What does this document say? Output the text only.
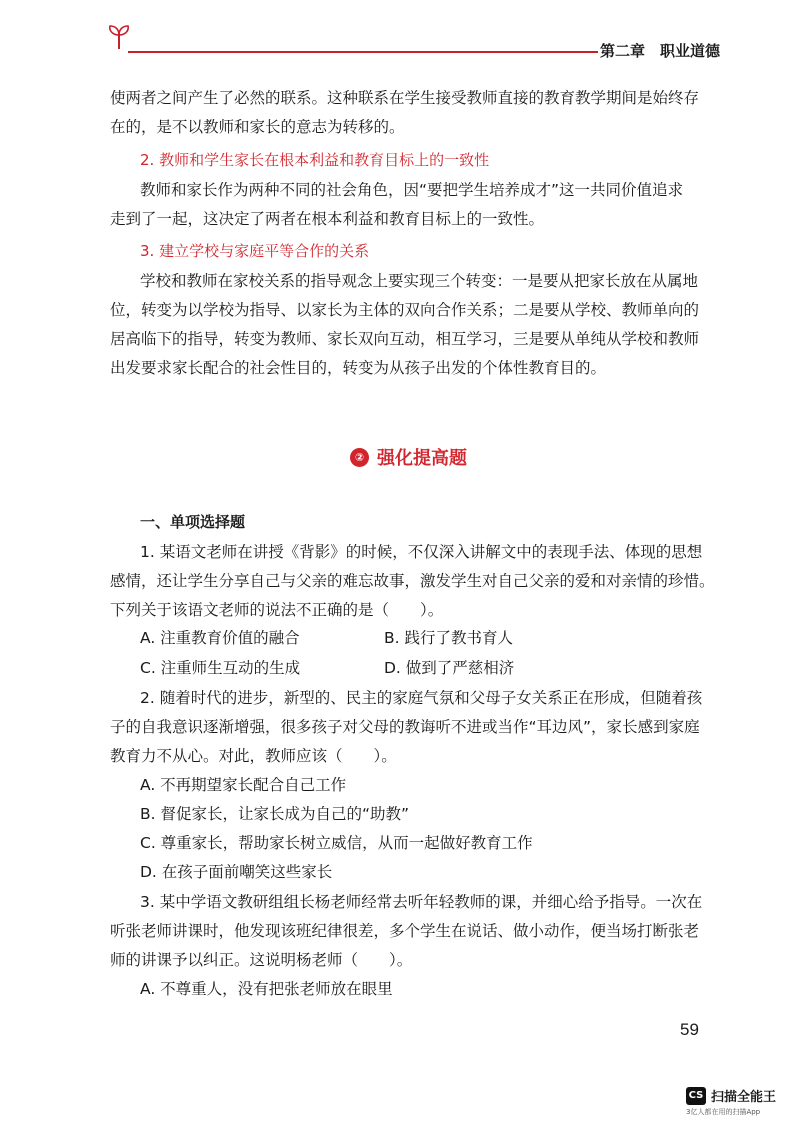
第二章　职业道德
使两者之间产生了必然的联系。这种联系在学生接受教师直接的教育教学期间是始终存
在的，是不以教师和家长的意志为转移的。
2. 教师和学生家长在根本利益和教育目标上的一致性
教师和家长作为两种不同的社会角色，因“要把学生培养成才”这一共同价值追求
走到了一起，这决定了两者在根本利益和教育目标上的一致性。
3. 建立学校与家庭平等合作的关系
学校和教师在家校关系的指导观念上要实现三个转变：一是要从把家长放在从属地
位，转变为以学校为指导、以家长为主体的双向合作关系；二是要从学校、教师单向的
居高临下的指导，转变为教师、家长双向互动，相互学习，三是要从单纯从学校和教师
出发要求家长配合的社会性目的，转变为从孩子出发的个体性教育目的。
② 强化提高题
一、单项选择题
1. 某语文老师在讲授《背影》的时候，不仅深入讲解文中的表现手法、体现的思想
感情，还让学生分享自己与父亲的难忘故事，激发学生对自己父亲的爱和对亲情的珍惜。
下列关于该语文老师的说法不正确的是（　　）。
A. 注重教育价值的融合	B. 践行了教书育人
C. 注重师生互动的生成	D. 做到了严慈相济
2. 随着时代的进步，新型的、民主的家庭气氛和父母子女关系正在形成，但随着孩
子的自我意识逐渐增强，很多孩子对父母的教诲听不进或当作“耳边风”，家长感到家庭
教育力不从心。对此，教师应该（　　）。
A. 不再期望家长配合自己工作
B. 督促家长，让家长成为自己的“助教”
C. 尊重家长，帮助家长树立威信，从而一起做好教育工作
D. 在孩子面前嘲笑这些家长
3. 某中学语文教研组组长杨老师经常去听年轻教师的课，并细心给予指导。一次在
听张老师讲课时，他发现该班纪律很差，多个学生在说话、做小动作，便当场打断张老
师的讲课予以纠正。这说明杨老师（　　）。
A. 不尊重人，没有把张老师放在眼里
59
CS 扫描全能王
3亿人都在用的扫描App
